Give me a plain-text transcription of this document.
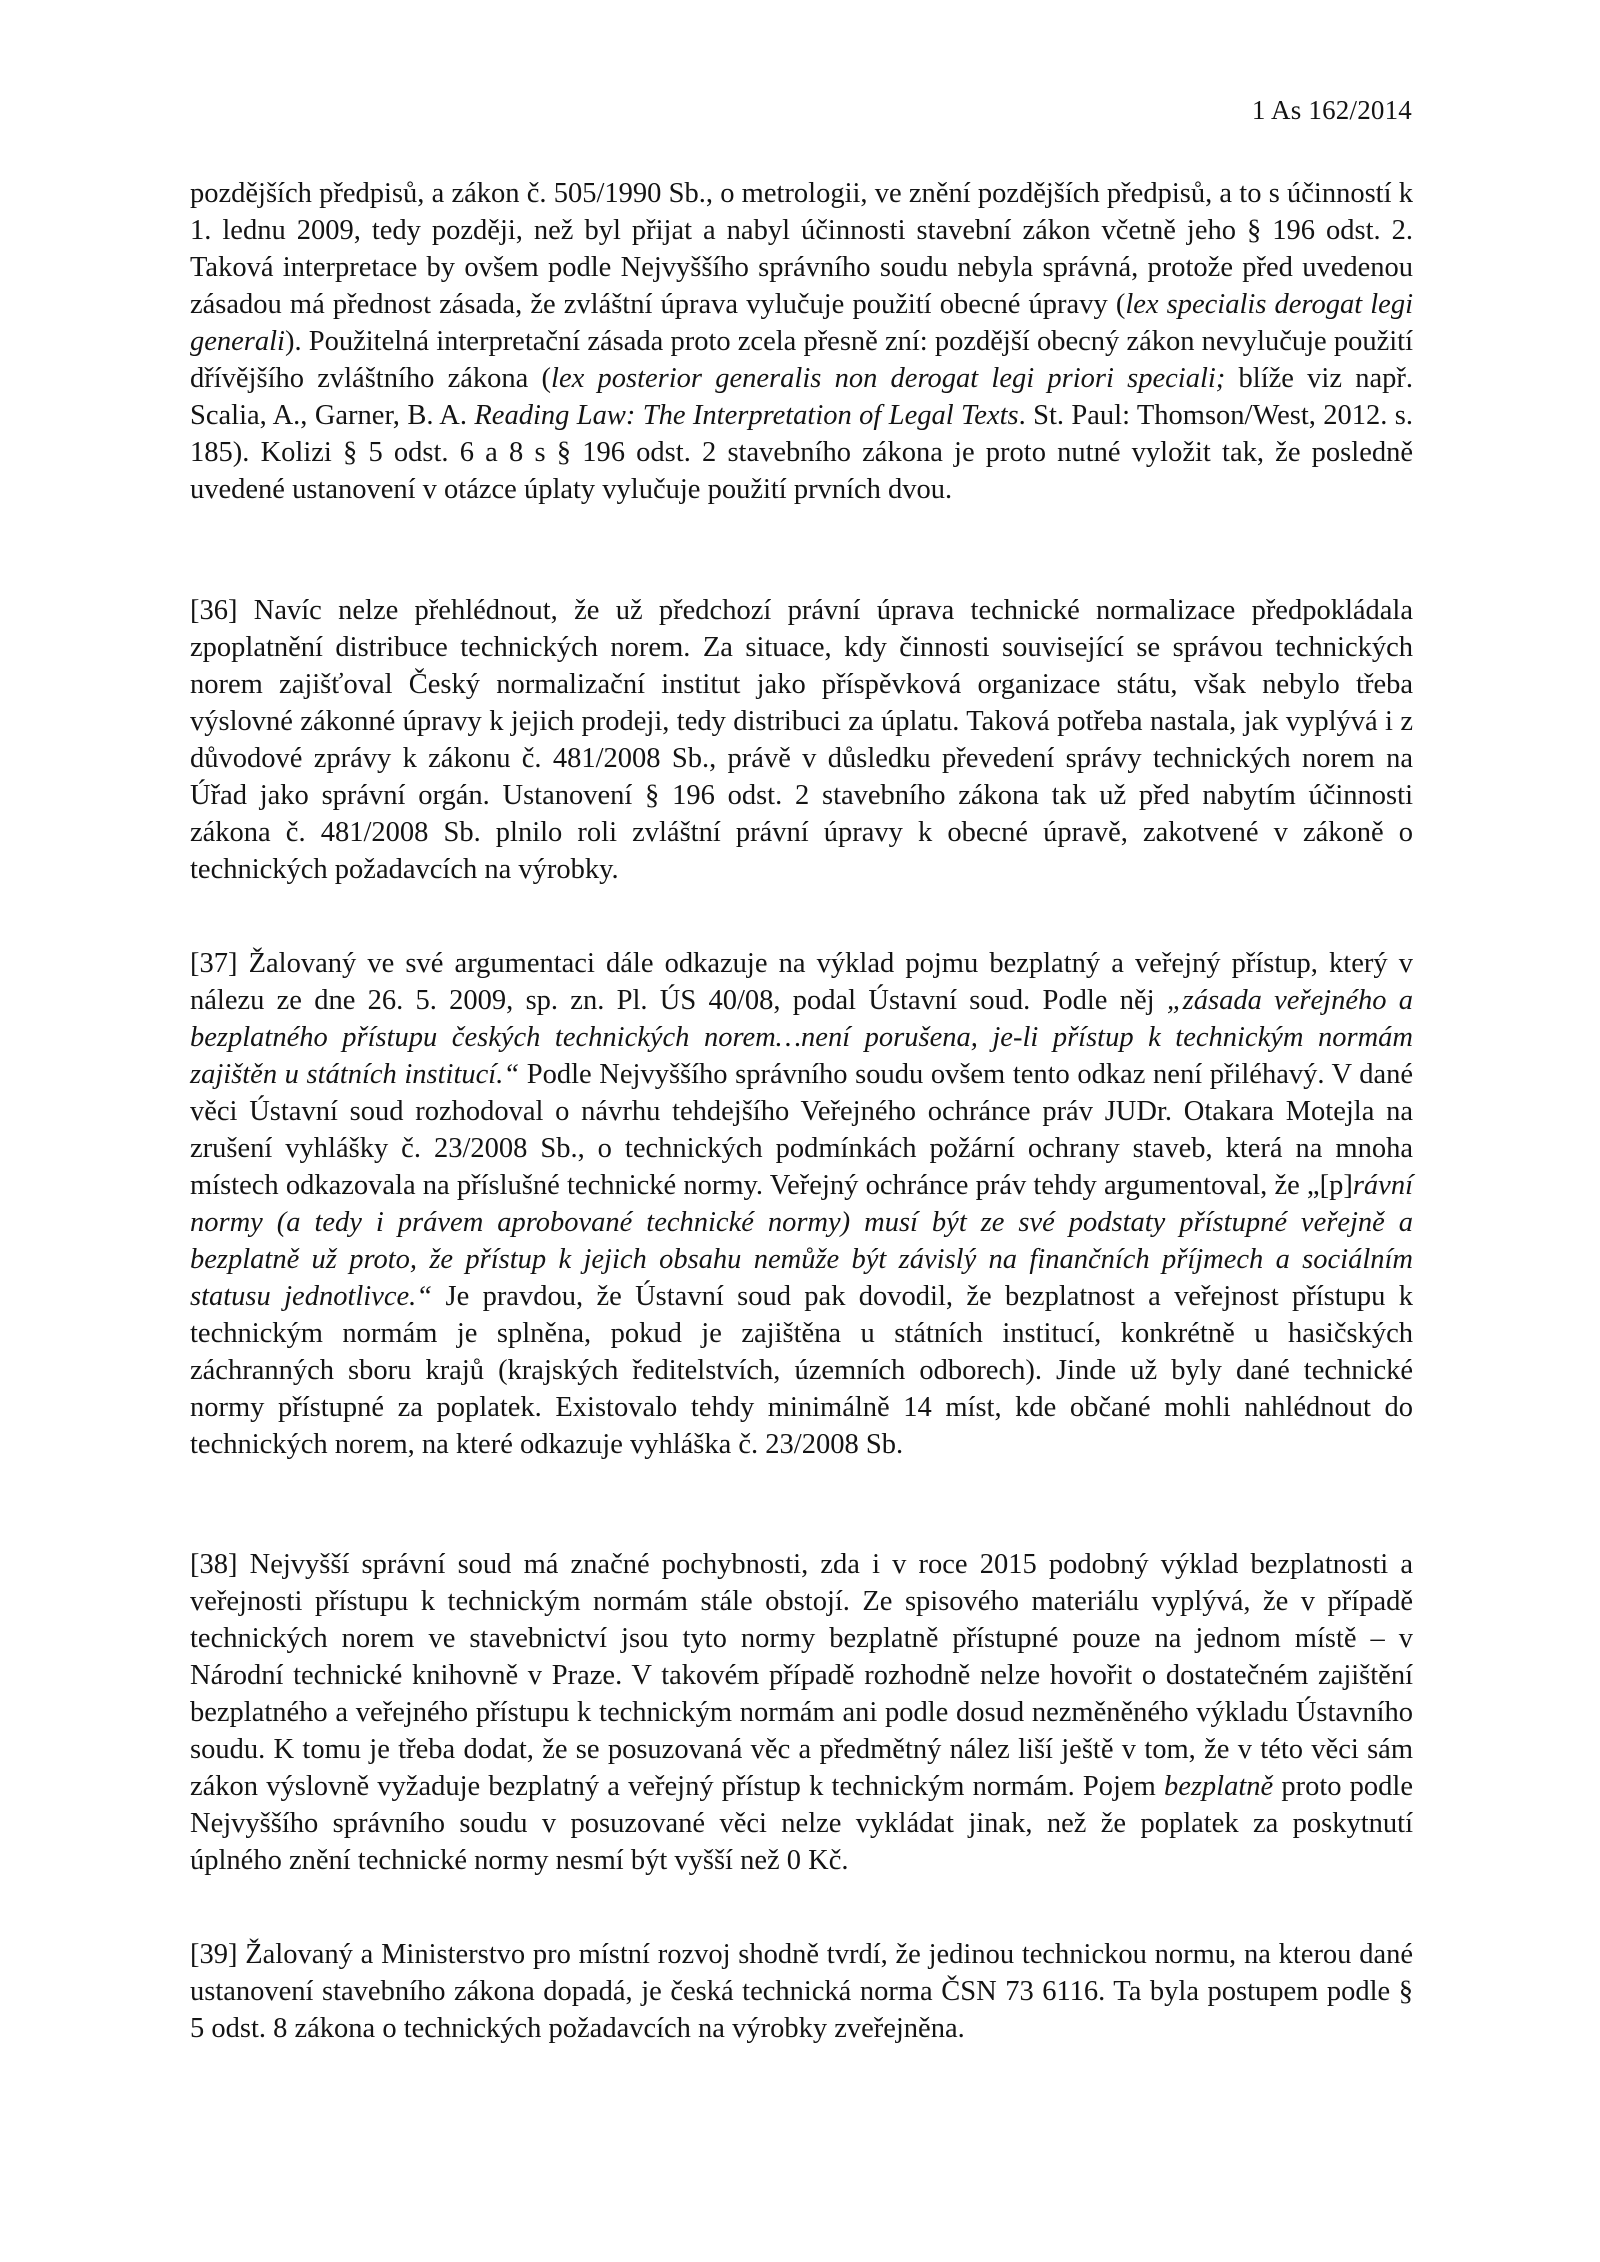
1 As 162/2014

pozdějších předpisů, a zákon č. 505/1990 Sb., o metrologii, ve znění pozdějších předpisů, a to s účinností k 1. lednu 2009, tedy později, než byl přijat a nabyl účinnosti stavební zákon včetně jeho § 196 odst. 2. Taková interpretace by ovšem podle Nejvyššího správního soudu nebyla správná, protože před uvedenou zásadou má přednost zásada, že zvláštní úprava vylučuje použití obecné úpravy (lex specialis derogat legi generali). Použitelná interpretační zásada proto zcela přesně zní: pozdější obecný zákon nevylučuje použití dřívějšího zvláštního zákona (lex posterior generalis non derogat legi priori speciali; blíže viz např. Scalia, A., Garner, B. A. Reading Law: The Interpretation of Legal Texts. St. Paul: Thomson/West, 2012. s. 185). Kolizi § 5 odst. 6 a 8 s § 196 odst. 2 stavebního zákona je proto nutné vyložit tak, že posledně uvedené ustanovení v otázce úplaty vylučuje použití prvních dvou.

[36] Navíc nelze přehlédnout, že už předchozí právní úprava technické normalizace předpokládala zpoplatnění distribuce technických norem. Za situace, kdy činnosti související se správou technických norem zajišťoval Český normalizační institut jako příspěvková organizace státu, však nebylo třeba výslovné zákonné úpravy k jejich prodeji, tedy distribuci za úplatu. Taková potřeba nastala, jak vyplývá i z důvodové zprávy k zákonu č. 481/2008 Sb., právě v důsledku převedení správy technických norem na Úřad jako správní orgán. Ustanovení § 196 odst. 2 stavebního zákona tak už před nabytím účinnosti zákona č. 481/2008 Sb. plnilo roli zvláštní právní úpravy k obecné úpravě, zakotvené v zákoně o technických požadavcích na výrobky.

[37] Žalovaný ve své argumentaci dále odkazuje na výklad pojmu bezplatný a veřejný přístup, který v nálezu ze dne 26. 5. 2009, sp. zn. Pl. ÚS 40/08, podal Ústavní soud. Podle něj „zásada veřejného a bezplatného přístupu českých technických norem…není porušena, je-li přístup k technickým normám zajištěn u státních institucí.“ Podle Nejvyššího správního soudu ovšem tento odkaz není přiléhavý. V dané věci Ústavní soud rozhodoval o návrhu tehdejšího Veřejného ochránce práv JUDr. Otakara Motejla na zrušení vyhlášky č. 23/2008 Sb., o technických podmínkách požární ochrany staveb, která na mnoha místech odkazovala na příslušné technické normy. Veřejný ochránce práv tehdy argumentoval, že „[p]rávní normy (a tedy i právem aprobované technické normy) musí být ze své podstaty přístupné veřejně a bezplatně už proto, že přístup k jejich obsahu nemůže být závislý na finančních příjmech a sociálním statusu jednotlivce.“ Je pravdou, že Ústavní soud pak dovodil, že bezplatnost a veřejnost přístupu k technickým normám je splněna, pokud je zajištěna u státních institucí, konkrétně u hasičských záchranných sboru krajů (krajských ředitelstvích, územních odborech). Jinde už byly dané technické normy přístupné za poplatek. Existovalo tehdy minimálně 14 míst, kde občané mohli nahlédnout do technických norem, na které odkazuje vyhláška č. 23/2008 Sb.

[38] Nejvyšší správní soud má značné pochybnosti, zda i v roce 2015 podobný výklad bezplatnosti a veřejnosti přístupu k technickým normám stále obstojí. Ze spisového materiálu vyplývá, že v případě technických norem ve stavebnictví jsou tyto normy bezplatně přístupné pouze na jednom místě – v Národní technické knihovně v Praze. V takovém případě rozhodně nelze hovořit o dostatečném zajištění bezplatného a veřejného přístupu k technickým normám ani podle dosud nezměněného výkladu Ústavního soudu. K tomu je třeba dodat, že se posuzovaná věc a předmětný nález liší ještě v tom, že v této věci sám zákon výslovně vyžaduje bezplatný a veřejný přístup k technickým normám. Pojem bezplatně proto podle Nejvyššího správního soudu v posuzované věci nelze vykládat jinak, než že poplatek za poskytnutí úplného znění technické normy nesmí být vyšší než 0 Kč.

[39] Žalovaný a Ministerstvo pro místní rozvoj shodně tvrdí, že jedinou technickou normu, na kterou dané ustanovení stavebního zákona dopadá, je česká technická norma ČSN 73 6116. Ta byla postupem podle § 5 odst. 8 zákona o technických požadavcích na výrobky zveřejněna.
